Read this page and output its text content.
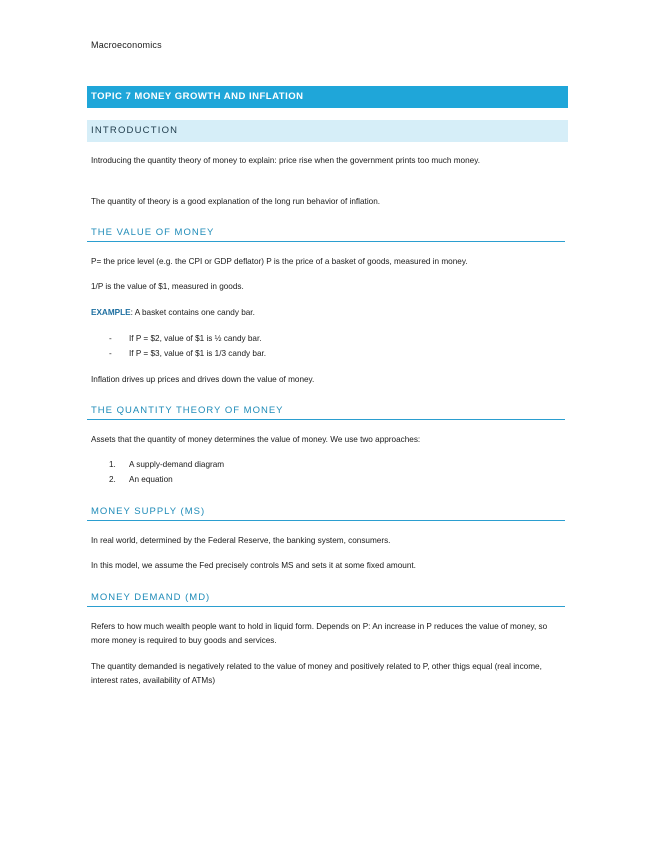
Macroeconomics
TOPIC 7 MONEY GROWTH AND INFLATION
INTRODUCTION
Introducing the quantity theory of money to explain: price rise when the government prints too much money.
The quantity of theory is a good explanation of the long run behavior of inflation.
THE VALUE OF MONEY
P= the price level (e.g. the CPI or GDP deflator) P is the price of a basket of goods, measured in money.
1/P is the value of $1, measured in goods.
EXAMPLE: A basket contains one candy bar.
- If P = $2, value of $1 is ½ candy bar.
- If P = $3, value of $1 is 1/3 candy bar.
Inflation drives up prices and drives down the value of money.
THE QUANTITY THEORY OF MONEY
Assets that the quantity of money determines the value of money. We use two approaches:
1. A supply-demand diagram
2. An equation
MONEY SUPPLY (MS)
In real world, determined by the Federal Reserve, the banking system, consumers.
In this model, we assume the Fed precisely controls MS and sets it at some fixed amount.
MONEY DEMAND (MD)
Refers to how much wealth people want to hold in liquid form. Depends on P: An increase in P reduces the value of money, so more money is required to buy goods and services.
The quantity demanded is negatively related to the value of money and positively related to P, other thigs equal (real income, interest rates, availability of ATMs)
